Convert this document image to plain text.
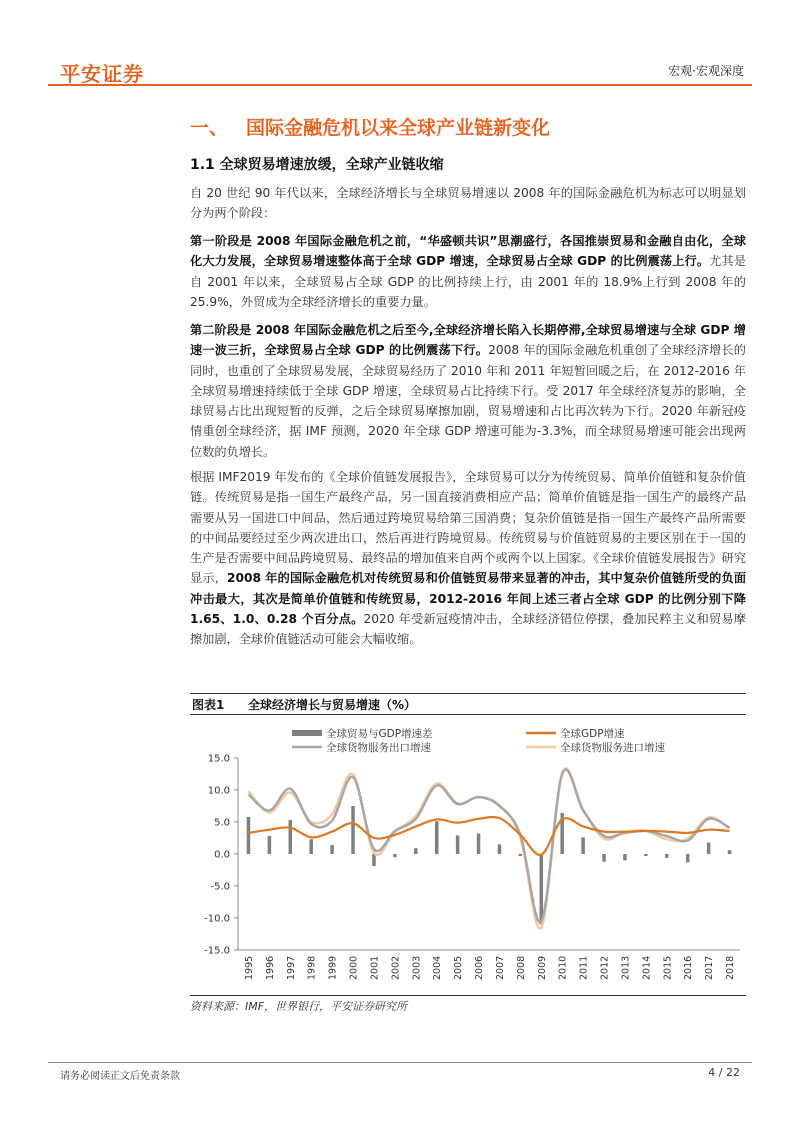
平安证券	宏观·宏观深度
一、 国际金融危机以来全球产业链新变化
1.1 全球贸易增速放缓，全球产业链收缩
自 20 世纪 90 年代以来，全球经济增长与全球贸易增速以 2008 年的国际金融危机为标志可以明显划分为两个阶段：
第一阶段是 2008 年国际金融危机之前，“华盛顿共识”思潮盛行，各国推崇贸易和金融自由化，全球化大力发展，全球贸易增速整体高于全球 GDP 增速，全球贸易占全球 GDP 的比例震荡上行。尤其是自 2001 年以来，全球贸易占全球 GDP 的比例持续上行，由 2001 年的 18.9%上行到 2008 年的 25.9%，外贸成为全球经济增长的重要力量。
第二阶段是 2008 年国际金融危机之后至今,全球经济增长陷入长期停滞,全球贸易增速与全球 GDP 增速一波三折，全球贸易占全球 GDP 的比例震荡下行。2008 年的国际金融危机重创了全球经济增长的同时，也重创了全球贸易发展，全球贸易经历了 2010 年和 2011 年短暂回暖之后，在 2012-2016 年全球贸易增速持续低于全球 GDP 增速，全球贸易占比持续下行。受 2017 年全球经济复苏的影响，全球贸易占比出现短暂的反弹，之后全球贸易摩擦加剧，贸易增速和占比再次转为下行。2020 年新冠疫情重创全球经济，据 IMF 预测，2020 年全球 GDP 增速可能为-3.3%，而全球贸易增速可能会出现两位数的负增长。
根据 IMF2019 年发布的《全球价值链发展报告》，全球贸易可以分为传统贸易、简单价值链和复杂价值链。传统贸易是指一国生产最终产品，另一国直接消费相应产品；简单价值链是指一国生产的最终产品需要从另一国进口中间品，然后通过跨境贸易给第三国消费；复杂价值链是指一国生产最终产品所需要的中间品要经过至少两次进出口，然后再进行跨境贸易。传统贸易与价值链贸易的主要区别在于一国的生产是否需要中间品跨境贸易、最终品的增加值来自两个或两个以上国家。《全球价值链发展报告》研究显示，2008 年的国际金融危机对传统贸易和价值链贸易带来显著的冲击，其中复杂价值链所受的负面冲击最大，其次是简单价值链和传统贸易，2012-2016 年间上述三者占全球 GDP 的比例分别下降 1.65、1.0、0.28 个百分点。2020 年受新冠疫情冲击，全球经济错位停摆，叠加民粹主义和贸易摩擦加剧，全球价值链活动可能会大幅收缩。
图表1 全球经济增长与贸易增速（%）
全球贸易与GDP增速差	全球GDP增速
全球货物服务出口增速	全球货物服务进口增速
15.0
10.0
5.0
0.0
-5.0
-10.0
-15.0
1995 1996 1997 1998 1999 2000 2001 2002 2003 2004 2005 2006 2007 2008 2009 2010 2011 2012 2013 2014 2015 2016 2017 2018
资料来源：IMF，世界银行，平安证券研究所
请务必阅读正文后免责条款	4 / 22
